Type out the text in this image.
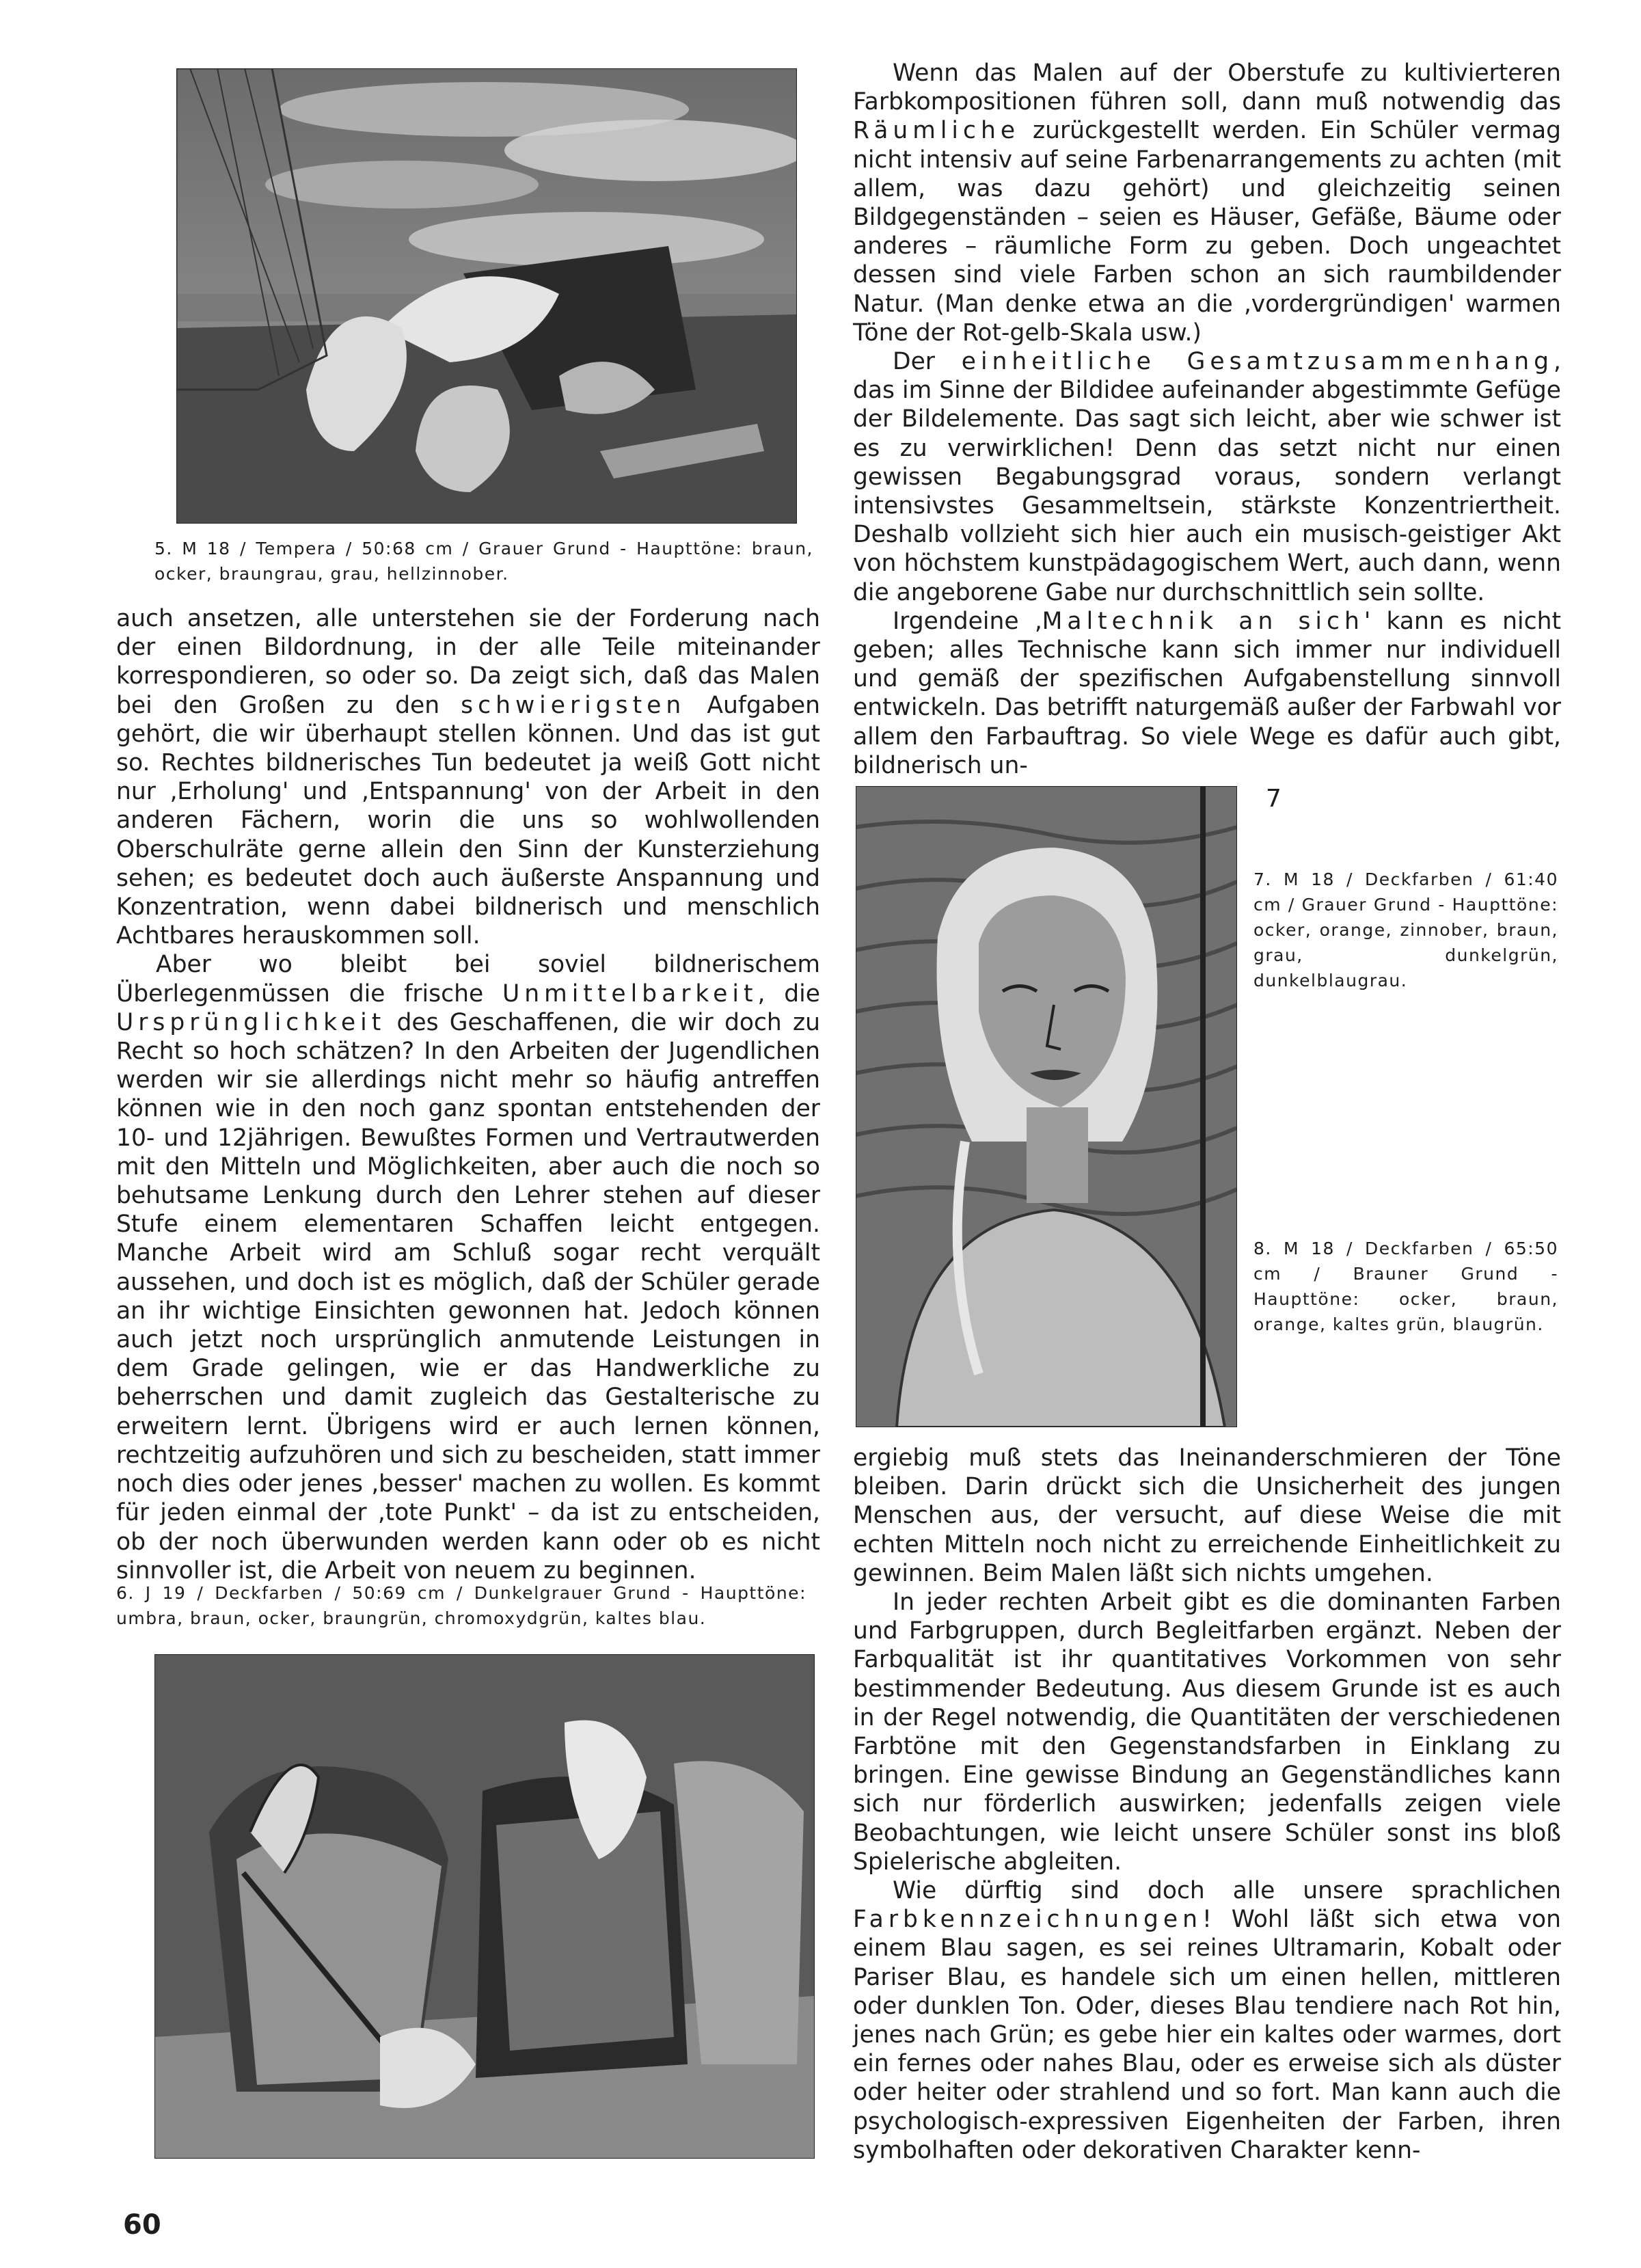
5. M 18 / Tempera / 50:68 cm / Grauer Grund - Haupttöne: braun, ocker, braungrau, grau, hellzinnober.

auch ansetzen, alle unterstehen sie der Forderung nach der einen Bildordnung, in der alle Teile miteinander korrespondieren, so oder so. Da zeigt sich, daß das Malen bei den Großen zu den schwierigsten Aufgaben gehört, die wir überhaupt stellen können. Und das ist gut so. Rechtes bildnerisches Tun bedeutet ja weiß Gott nicht nur ‚Erholung' und ‚Entspannung' von der Arbeit in den anderen Fächern, worin die uns so wohlwollenden Oberschulräte gerne allein den Sinn der Kunsterziehung sehen; es bedeutet doch auch äußerste Anspannung und Konzentration, wenn dabei bildnerisch und menschlich Achtbares herauskommen soll.

Aber wo bleibt bei soviel bildnerischem Überlegenmüssen die frische Unmittelbarkeit, die Ursprünglichkeit des Geschaffenen, die wir doch zu Recht so hoch schätzen? In den Arbeiten der Jugendlichen werden wir sie allerdings nicht mehr so häufig antreffen können wie in den noch ganz spontan entstehenden der 10- und 12jährigen. Bewußtes Formen und Vertrautwerden mit den Mitteln und Möglichkeiten, aber auch die noch so behutsame Lenkung durch den Lehrer stehen auf dieser Stufe einem elementaren Schaffen leicht entgegen. Manche Arbeit wird am Schluß sogar recht verquält aussehen, und doch ist es möglich, daß der Schüler gerade an ihr wichtige Einsichten gewonnen hat. Jedoch können auch jetzt noch ursprünglich anmutende Leistungen in dem Grade gelingen, wie er das Handwerkliche zu beherrschen und damit zugleich das Gestalterische zu erweitern lernt. Übrigens wird er auch lernen können, rechtzeitig aufzuhören und sich zu bescheiden, statt immer noch dies oder jenes ‚besser' machen zu wollen. Es kommt für jeden einmal der ‚tote Punkt' – da ist zu entscheiden, ob der noch überwunden werden kann oder ob es nicht sinnvoller ist, die Arbeit von neuem zu beginnen.

6. J 19 / Deckfarben / 50:69 cm / Dunkelgrauer Grund - Haupttöne: umbra, braun, ocker, braungrün, chromoxydgrün, kaltes blau.

Wenn das Malen auf der Oberstufe zu kultivierteren Farbkompositionen führen soll, dann muß notwendig das Räumliche zurückgestellt werden. Ein Schüler vermag nicht intensiv auf seine Farbenarrangements zu achten (mit allem, was dazu gehört) und gleichzeitig seinen Bildgegenständen – seien es Häuser, Gefäße, Bäume oder anderes – räumliche Form zu geben. Doch ungeachtet dessen sind viele Farben schon an sich raumbildender Natur. (Man denke etwa an die ‚vordergründigen' warmen Töne der Rot-gelb-Skala usw.)

Der einheitliche Gesamtzusammenhang, das im Sinne der Bildidee aufeinander abgestimmte Gefüge der Bildelemente. Das sagt sich leicht, aber wie schwer ist es zu verwirklichen! Denn das setzt nicht nur einen gewissen Begabungsgrad voraus, sondern verlangt intensivstes Gesammeltsein, stärkste Konzentriertheit. Deshalb vollzieht sich hier auch ein musisch-geistiger Akt von höchstem kunstpädagogischem Wert, auch dann, wenn die angeborene Gabe nur durchschnittlich sein sollte.

Irgendeine ‚Maltechnik an sich' kann es nicht geben; alles Technische kann sich immer nur individuell und gemäß der spezifischen Aufgabenstellung sinnvoll entwickeln. Das betrifft naturgemäß außer der Farbwahl vor allem den Farbauftrag. So viele Wege es dafür auch gibt, bildnerisch un-

7

7. M 18 / Deckfarben / 61:40 cm / Grauer Grund - Haupttöne: ocker, orange, zinnober, braun, grau, dunkelgrün, dunkelblaugrau.

8. M 18 / Deckfarben / 65:50 cm / Brauner Grund - Haupttöne: ocker, braun, orange, kaltes grün, blaugrün.

ergiebig muß stets das Ineinanderschmieren der Töne bleiben. Darin drückt sich die Unsicherheit des jungen Menschen aus, der versucht, auf diese Weise die mit echten Mitteln noch nicht zu erreichende Einheitlichkeit zu gewinnen. Beim Malen läßt sich nichts umgehen.

In jeder rechten Arbeit gibt es die dominanten Farben und Farbgruppen, durch Begleitfarben ergänzt. Neben der Farbqualität ist ihr quantitatives Vorkommen von sehr bestimmender Bedeutung. Aus diesem Grunde ist es auch in der Regel notwendig, die Quantitäten der verschiedenen Farbtöne mit den Gegenstandsfarben in Einklang zu bringen. Eine gewisse Bindung an Gegenständliches kann sich nur förderlich auswirken; jedenfalls zeigen viele Beobachtungen, wie leicht unsere Schüler sonst ins bloß Spielerische abgleiten.

Wie dürftig sind doch alle unsere sprachlichen Farbkennzeichnungen! Wohl läßt sich etwa von einem Blau sagen, es sei reines Ultramarin, Kobalt oder Pariser Blau, es handele sich um einen hellen, mittleren oder dunklen Ton. Oder, dieses Blau tendiere nach Rot hin, jenes nach Grün; es gebe hier ein kaltes oder warmes, dort ein fernes oder nahes Blau, oder es erweise sich als düster oder heiter oder strahlend und so fort. Man kann auch die psychologisch-expressiven Eigenheiten der Farben, ihren symbolhaften oder dekorativen Charakter kenn-

60
